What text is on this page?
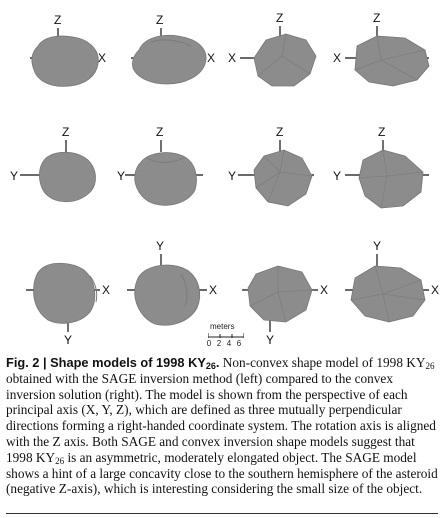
Z
X
Z
X
Z
X
Z
X
Z
Y
Z
Y
Z
Y
Z
Y
X
Y
Y
X	X
Y
Y
X
meters
0 2 4 6
Fig. 2 | Shape models of 1998 $KY_{26}$. Non-convex shape model of 1998 $KY_{26}$ obtained with the SAGE inversion method (left) compared to the convex inversion solution (right). The model is shown from the perspective of each principal axis (X, Y, Z), which are defined as three mutually perpendicular directions forming a right-handed coordinate system. The rotation axis is aligned with the Z axis. Both SAGE and convex inversion shape models suggest that 1998 $KY_{26}$ is an asymmetric, moderately elongated object. The SAGE model shows a hint of a large concavity close to the southern hemisphere of the asteroid (negative Z-axis), which is interesting considering the small size of the object.
